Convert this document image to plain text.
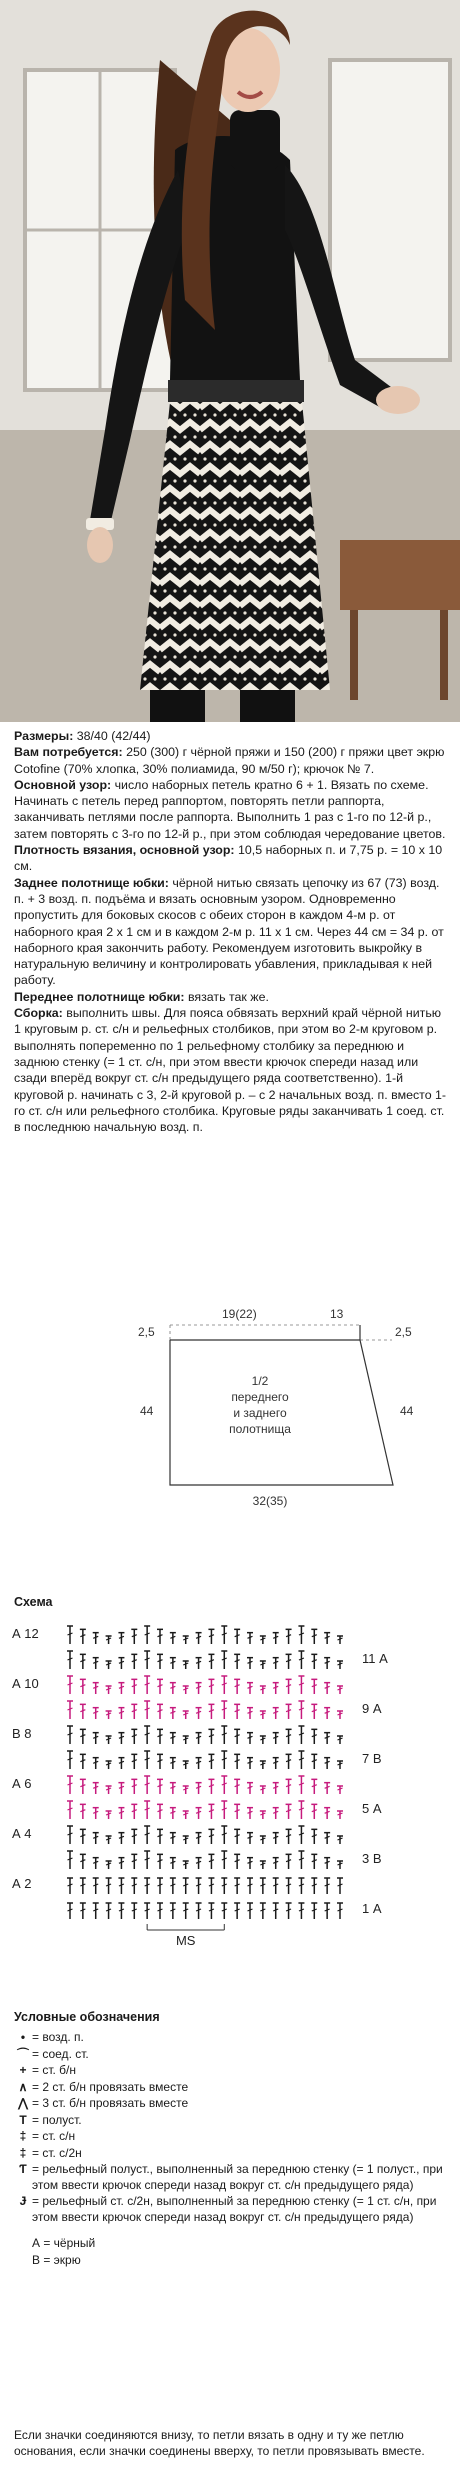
Размеры: 38/40 (42/44)

Вам потребуется: 250 (300) г чёрной пряжи и 150 (200) г пряжи цвет экрю Cotofine (70% хлопка, 30% полиамида, 90 м/50 г); крючок № 7.

Основной узор: число наборных петель кратно 6 + 1. Вязать по схеме. Начинать с петель перед раппортом, повторять петли раппорта, заканчивать петлями после раппорта. Выполнить 1 раз с 1-го по 12-й р., затем повторять с 3-го по 12-й р., при этом соблюдая чередование цветов.

Плотность вязания, основной узор: 10,5 наборных п. и 7,75 р. = 10 х 10 см.

Заднее полотнище юбки: чёрной нитью связать цепочку из 67 (73) возд. п. + 3 возд. п. подъёма и вязать основным узором. Одновременно пропустить для боковых скосов с обеих сторон в каждом 4-м р. от наборного края 2 х 1 см и в каждом 2-м р. 11 х 1 см. Через 44 см = 34 р. от наборного края закончить работу. Рекомендуем изготовить выкройку в натуральную величину и контролировать убавления, прикладывая к ней работу.

Переднее полотнище юбки: вязать так же.

Сборка: выполнить швы. Для пояса обвязать верхний край чёрной нитью 1 круговым р. ст. с/н и рельефных столбиков, при этом во 2-м круговом р. выполнять попеременно по 1 рельефному столбику за переднюю и заднюю стенку (= 1 ст. с/н, при этом ввести крючок спереди назад или сзади вперёд вокруг ст. с/н предыдущего ряда соответственно). 1-й круговой р. начинать с 3, 2-й круговой р. – с 2 начальных возд. п. вместо 1-го ст. с/н или рельефного столбика. Круговые ряды заканчивать 1 соед. ст. в последнюю начальную возд. п.

19(22)	13
2,5	2,5
44	44
1/2
переднего
и заднего
полотнища
32(35)
Схема
MS
А 12
А 10
В 8
А 6
А 4
А 2
11 А
9 А
7 В
5 А
3 В
1 А
Условные обозначения
• = возд. п.
⌒ = соед. ст.
+ = ст. б/н
∧ = 2 ст. б/н провязать вместе
⋀ = 3 ст. б/н провязать вместе
T = полуст.
‡ = ст. с/н
‡ = ст. с/2н
Ƭ = рельефный полуст., выполненный за переднюю стенку (= 1 полуст., при этом ввести крючок спереди назад вокруг ст. с/н предыдущего ряда)
Ɉ = рельефный ст. с/2н, выполненный за переднюю стенку (= 1 ст. с/н, при этом ввести крючок спереди назад вокруг ст. с/н предыдущего ряда)
А = чёрный
В = экрю
Если значки соединяются внизу, то петли вязать в одну и ту же петлю основания, если значки соединены вверху, то петли провязывать вместе.
